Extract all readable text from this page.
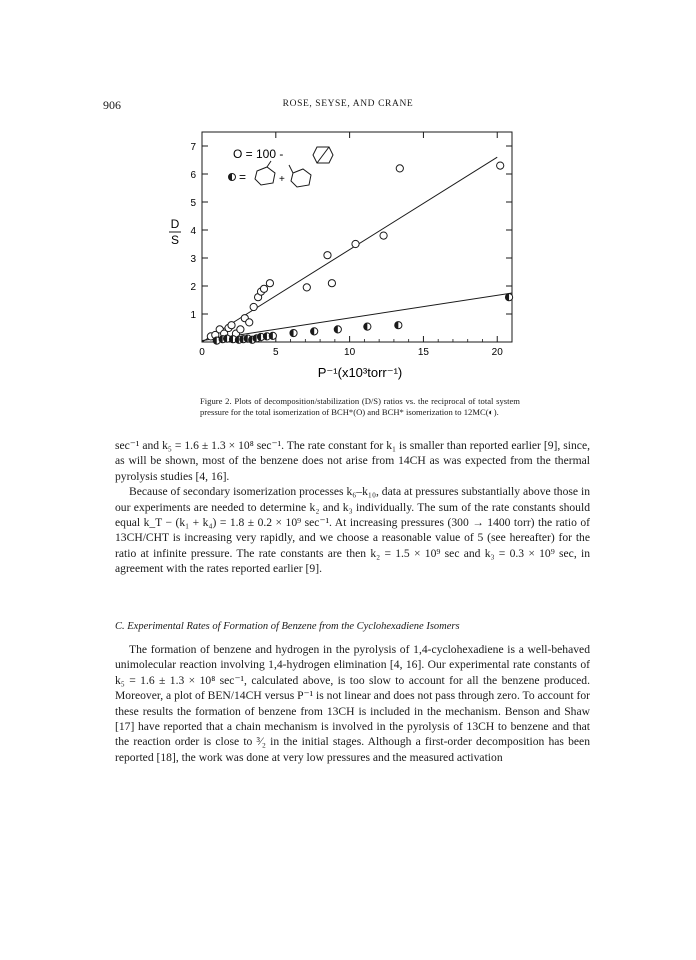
906	ROSE, SEYSE, AND CRANE
0	5	10	15	20
1
2
3
4
5
6
7
D
S
O = 100 -
=	+
P⁻¹(x10³torr⁻¹)
Figure 2. Plots of decomposition/stabilization (D/S) ratios vs. the reciprocal of total system pressure for the total isomerization of BCH*(O) and BCH* isomerization to 12MC(◐).

sec⁻¹ and k₅ = 1.6 ± 1.3 × 10⁸ sec⁻¹. The rate constant for k₁ is smaller than reported earlier [9], since, as will be shown, most of the benzene does not arise from 14CH as was expected from the thermal pyrolysis studies [4, 16].

Because of secondary isomerization processes k₆–k₁₀, data at pressures substantially above those in our experiments are needed to determine k₂ and k₃ individually. The sum of the rate constants should equal k_T − (k₁ + k₄) = 1.8 ± 0.2 × 10⁹ sec⁻¹. At increasing pressures (300 → 1400 torr) the ratio of 13CH/CHT is increasing very rapidly, and we choose a reasonable value of 5 (see hereafter) for the ratio at infinite pressure. The rate constants are then k₂ = 1.5 × 10⁹ sec and k₃ = 0.3 × 10⁹ sec, in agreement with the rates reported earlier [9].

C. Experimental Rates of Formation of Benzene from the Cyclohexadiene Isomers

The formation of benzene and hydrogen in the pyrolysis of 1,4-cyclohexadiene is a well-behaved unimolecular reaction involving 1,4-hydrogen elimination [4, 16]. Our experimental rate constants of k₅ = 1.6 ± 1.3 × 10⁸ sec⁻¹, calculated above, is too slow to account for all the benzene produced. Moreover, a plot of BEN/14CH versus P⁻¹ is not linear and does not pass through zero. To account for these results the formation of benzene from 13CH is included in the mechanism. Benson and Shaw [17] have reported that a chain mechanism is involved in the pyrolysis of 13CH to benzene and that the reaction order is close to ³⁄₂ in the initial stages. Although a first-order decomposition has been reported [18], the work was done at very low pressures and the measured activation
